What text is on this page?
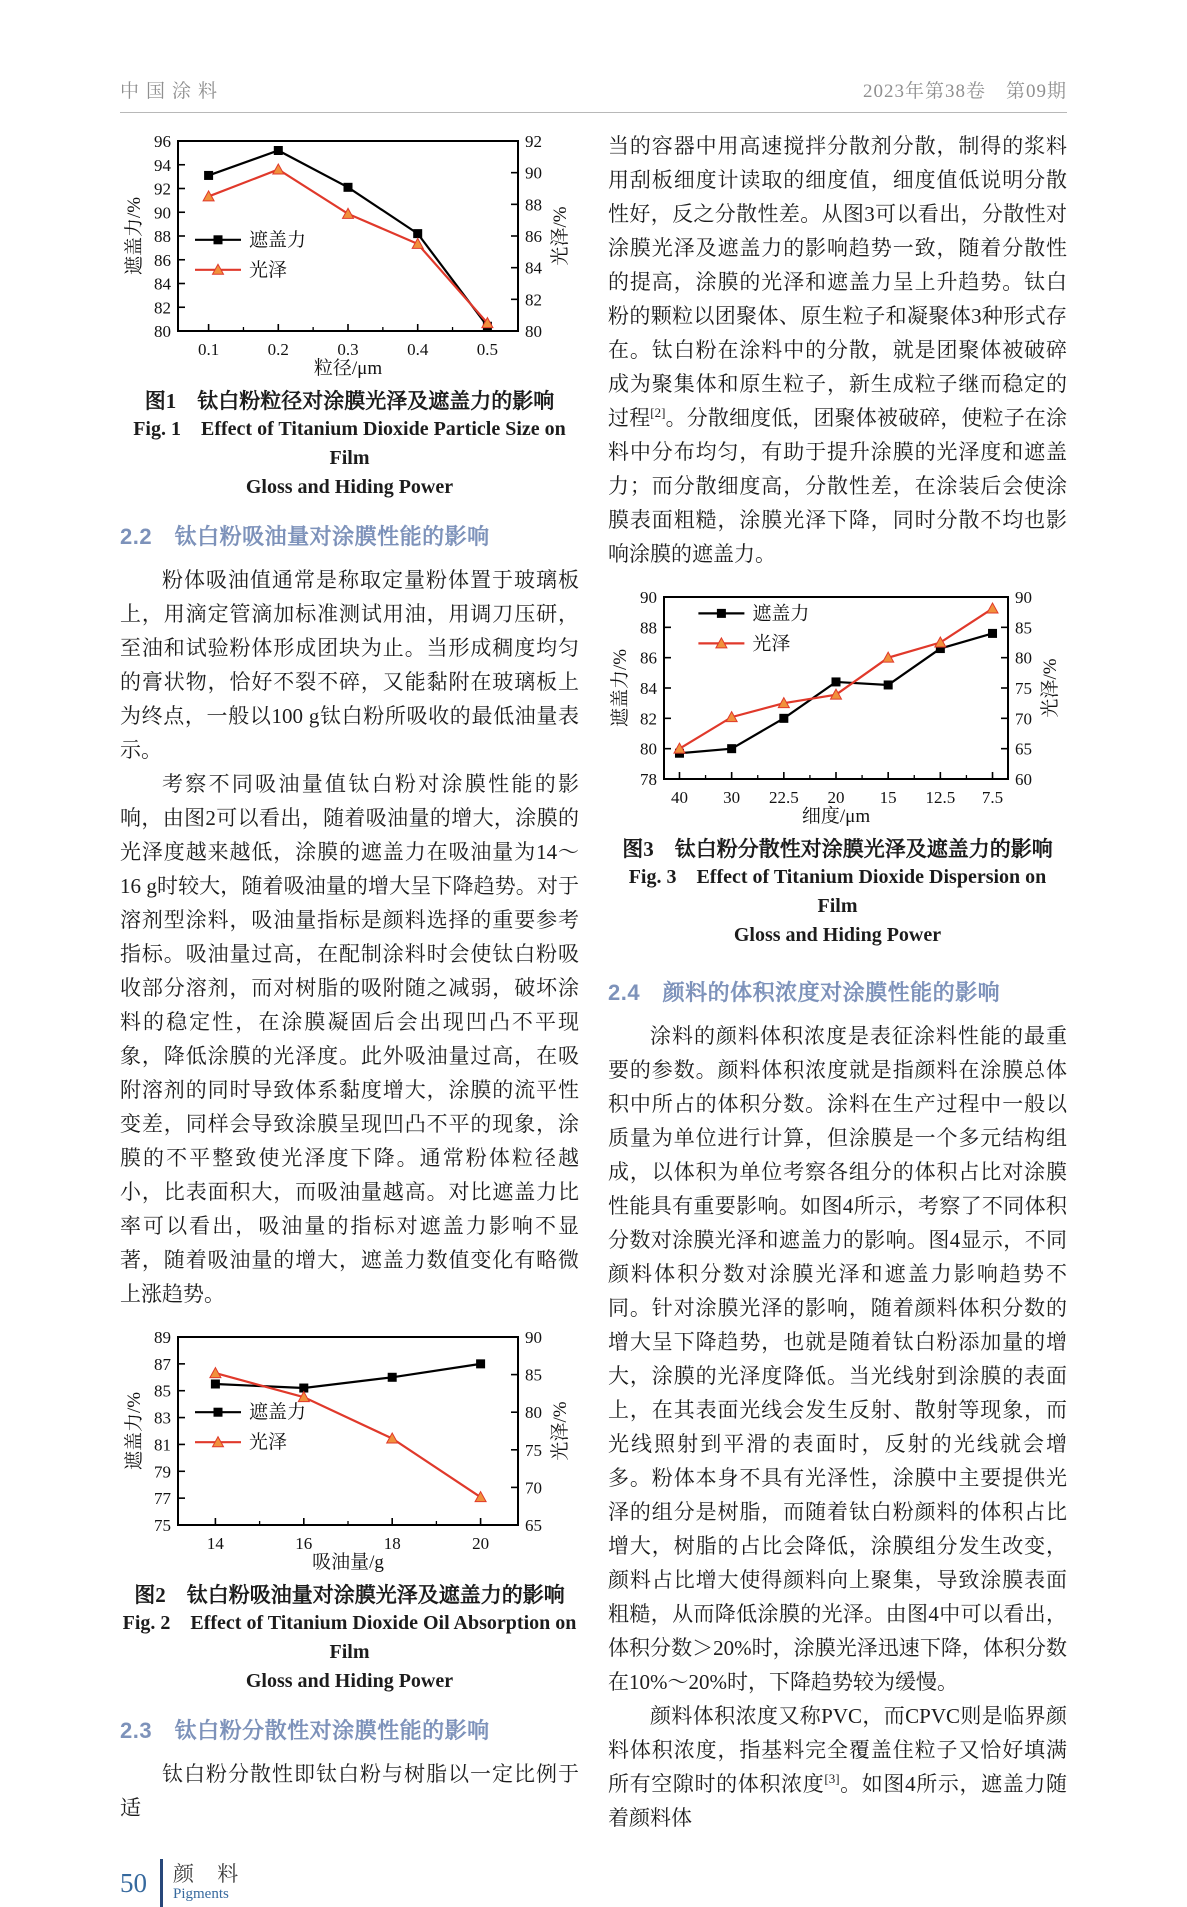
中国涂料	2023年第38卷　第09期
80
82
84
86
88
90
92
94
96
80
82
84
86
88
90
92
0.1	0.2	0.3	0.4	0.5
遮盖力/%	光泽/%
粒径/μm
遮盖力
光泽
图1　钛白粉粒径对涂膜光泽及遮盖力的影响
Fig. 1　Effect of Titanium Dioxide Particle Size on Film
Gloss and Hiding Power
2.2　钛白粉吸油量对涂膜性能的影响

粉体吸油值通常是称取定量粉体置于玻璃板上，用滴定管滴加标准测试用油，用调刀压研，至油和试验粉体形成团块为止。当形成稠度均匀的膏状物，恰好不裂不碎，又能黏附在玻璃板上为终点，一般以100 g钛白粉所吸收的最低油量表示。

考察不同吸油量值钛白粉对涂膜性能的影响，由图2可以看出，随着吸油量的增大，涂膜的光泽度越来越低，涂膜的遮盖力在吸油量为14～16 g时较大，随着吸油量的增大呈下降趋势。对于溶剂型涂料，吸油量指标是颜料选择的重要参考指标。吸油量过高，在配制涂料时会使钛白粉吸收部分溶剂，而对树脂的吸附随之减弱，破坏涂料的稳定性，在涂膜凝固后会出现凹凸不平现象，降低涂膜的光泽度。此外吸油量过高，在吸附溶剂的同时导致体系黏度增大，涂膜的流平性变差，同样会导致涂膜呈现凹凸不平的现象，涂膜的不平整致使光泽度下降。通常粉体粒径越小，比表面积大，而吸油量越高。对比遮盖力比率可以看出，吸油量的指标对遮盖力影响不显著，随着吸油量的增大，遮盖力数值变化有略微上涨趋势。

75
77
79
81
83
85
87
89
65
70
75
80
85
90
14	16	18	20
遮盖力/%	光泽/%
吸油量/g
遮盖力
光泽
图2　钛白粉吸油量对涂膜光泽及遮盖力的影响
Fig. 2　Effect of Titanium Dioxide Oil Absorption on Film
Gloss and Hiding Power
2.3　钛白粉分散性对涂膜性能的影响

钛白粉分散性即钛白粉与树脂以一定比例于适

50 颜 料
Pigments

当的容器中用高速搅拌分散剂分散，制得的浆料用刮板细度计读取的细度值，细度值低说明分散性好，反之分散性差。从图3可以看出，分散性对涂膜光泽及遮盖力的影响趋势一致，随着分散性的提高，涂膜的光泽和遮盖力呈上升趋势。钛白粉的颗粒以团聚体、原生粒子和凝聚体3种形式存在。钛白粉在涂料中的分散，就是团聚体被破碎成为聚集体和原生粒子，新生成粒子继而稳定的过程[2]。分散细度低，团聚体被破碎，使粒子在涂料中分布均匀，有助于提升涂膜的光泽度和遮盖力；而分散细度高，分散性差，在涂装后会使涂膜表面粗糙，涂膜光泽下降，同时分散不均也影响涂膜的遮盖力。

78
80
82
84
86
88
90
60
65
70
75
80
85
90
40 30 22.5 20 15 12.5 7.5
遮盖力/%	光泽/%
细度/μm
遮盖力
光泽
图3　钛白粉分散性对涂膜光泽及遮盖力的影响
Fig. 3　Effect of Titanium Dioxide Dispersion on Film
Gloss and Hiding Power
2.4　颜料的体积浓度对涂膜性能的影响

涂料的颜料体积浓度是表征涂料性能的最重要的参数。颜料体积浓度就是指颜料在涂膜总体积中所占的体积分数。涂料在生产过程中一般以质量为单位进行计算，但涂膜是一个多元结构组成，以体积为单位考察各组分的体积占比对涂膜性能具有重要影响。如图4所示，考察了不同体积分数对涂膜光泽和遮盖力的影响。图4显示，不同颜料体积分数对涂膜光泽和遮盖力影响趋势不同。针对涂膜光泽的影响，随着颜料体积分数的增大呈下降趋势，也就是随着钛白粉添加量的增大，涂膜的光泽度降低。当光线射到涂膜的表面上，在其表面光线会发生反射、散射等现象，而光线照射到平滑的表面时，反射的光线就会增多。粉体本身不具有光泽性，涂膜中主要提供光泽的组分是树脂，而随着钛白粉颜料的体积占比增大，树脂的占比会降低，涂膜组分发生改变，颜料占比增大使得颜料向上聚集，导致涂膜表面粗糙，从而降低涂膜的光泽。由图4中可以看出，体积分数＞20%时，涂膜光泽迅速下降，体积分数在10%～20%时，下降趋势较为缓慢。

颜料体积浓度又称PVC，而CPVC则是临界颜料体积浓度，指基料完全覆盖住粒子又恰好填满所有空隙时的体积浓度[3]。如图4所示，遮盖力随着颜料体
